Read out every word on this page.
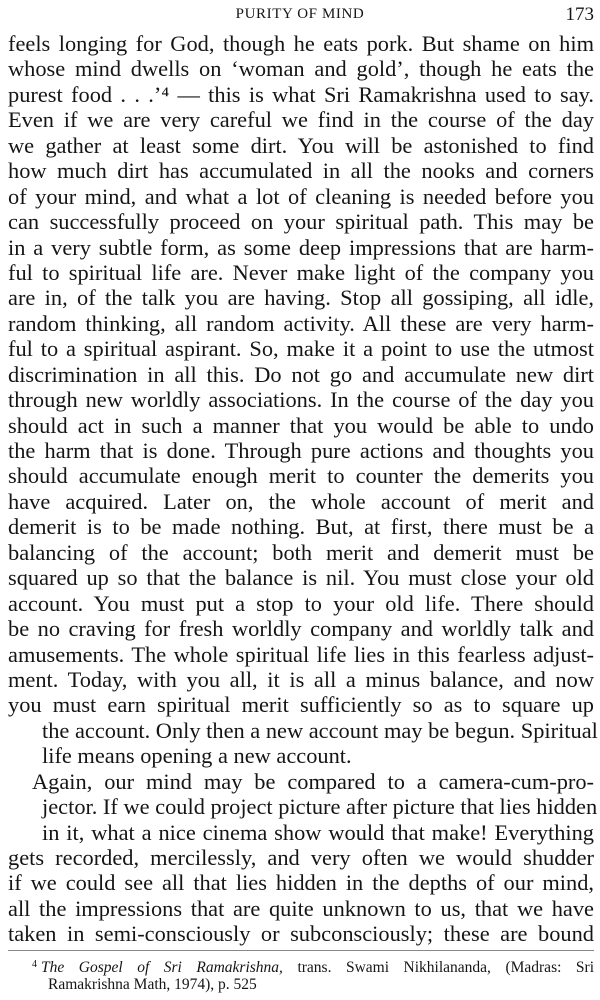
PURITY OF MIND	173
feels longing for God, though he eats pork. But shame on him
whose mind dwells on ‘woman and gold’, though he eats the
purest food . . .’⁴ — this is what Sri Ramakrishna used to say.
Even if we are very careful we find in the course of the day
we gather at least some dirt. You will be astonished to find
how much dirt has accumulated in all the nooks and corners
of your mind, and what a lot of cleaning is needed before you
can successfully proceed on your spiritual path. This may be
in a very subtle form, as some deep impressions that are harm-
ful to spiritual life are. Never make light of the company you
are in, of the talk you are having. Stop all gossiping, all idle,
random thinking, all random activity. All these are very harm-
ful to a spiritual aspirant. So, make it a point to use the utmost
discrimination in all this. Do not go and accumulate new dirt
through new worldly associations. In the course of the day you
should act in such a manner that you would be able to undo
the harm that is done. Through pure actions and thoughts you
should accumulate enough merit to counter the demerits you
have acquired. Later on, the whole account of merit and
demerit is to be made nothing. But, at first, there must be a
balancing of the account; both merit and demerit must be
squared up so that the balance is nil. You must close your old
account. You must put a stop to your old life. There should
be no craving for fresh worldly company and worldly talk and
amusements. The whole spiritual life lies in this fearless adjust-
ment. Today, with you all, it is all a minus balance, and now
you must earn spiritual merit sufficiently so as to square up
the account. Only then a new account may be begun. Spiritual
life means opening a new account.
Again, our mind may be compared to a camera-cum-pro-
jector. If we could project picture after picture that lies hidden
in it, what a nice cinema show would that make! Everything
gets recorded, mercilessly, and very often we would shudder
if we could see all that lies hidden in the depths of our mind,
all the impressions that are quite unknown to us, that we have
taken in semi-consciously or subconsciously; these are bound
$^4$ The Gospel of Sri Ramakrishna, trans. Swami Nikhilananda, (Madras: Sri
Ramakrishna Math, 1974), p. 525
